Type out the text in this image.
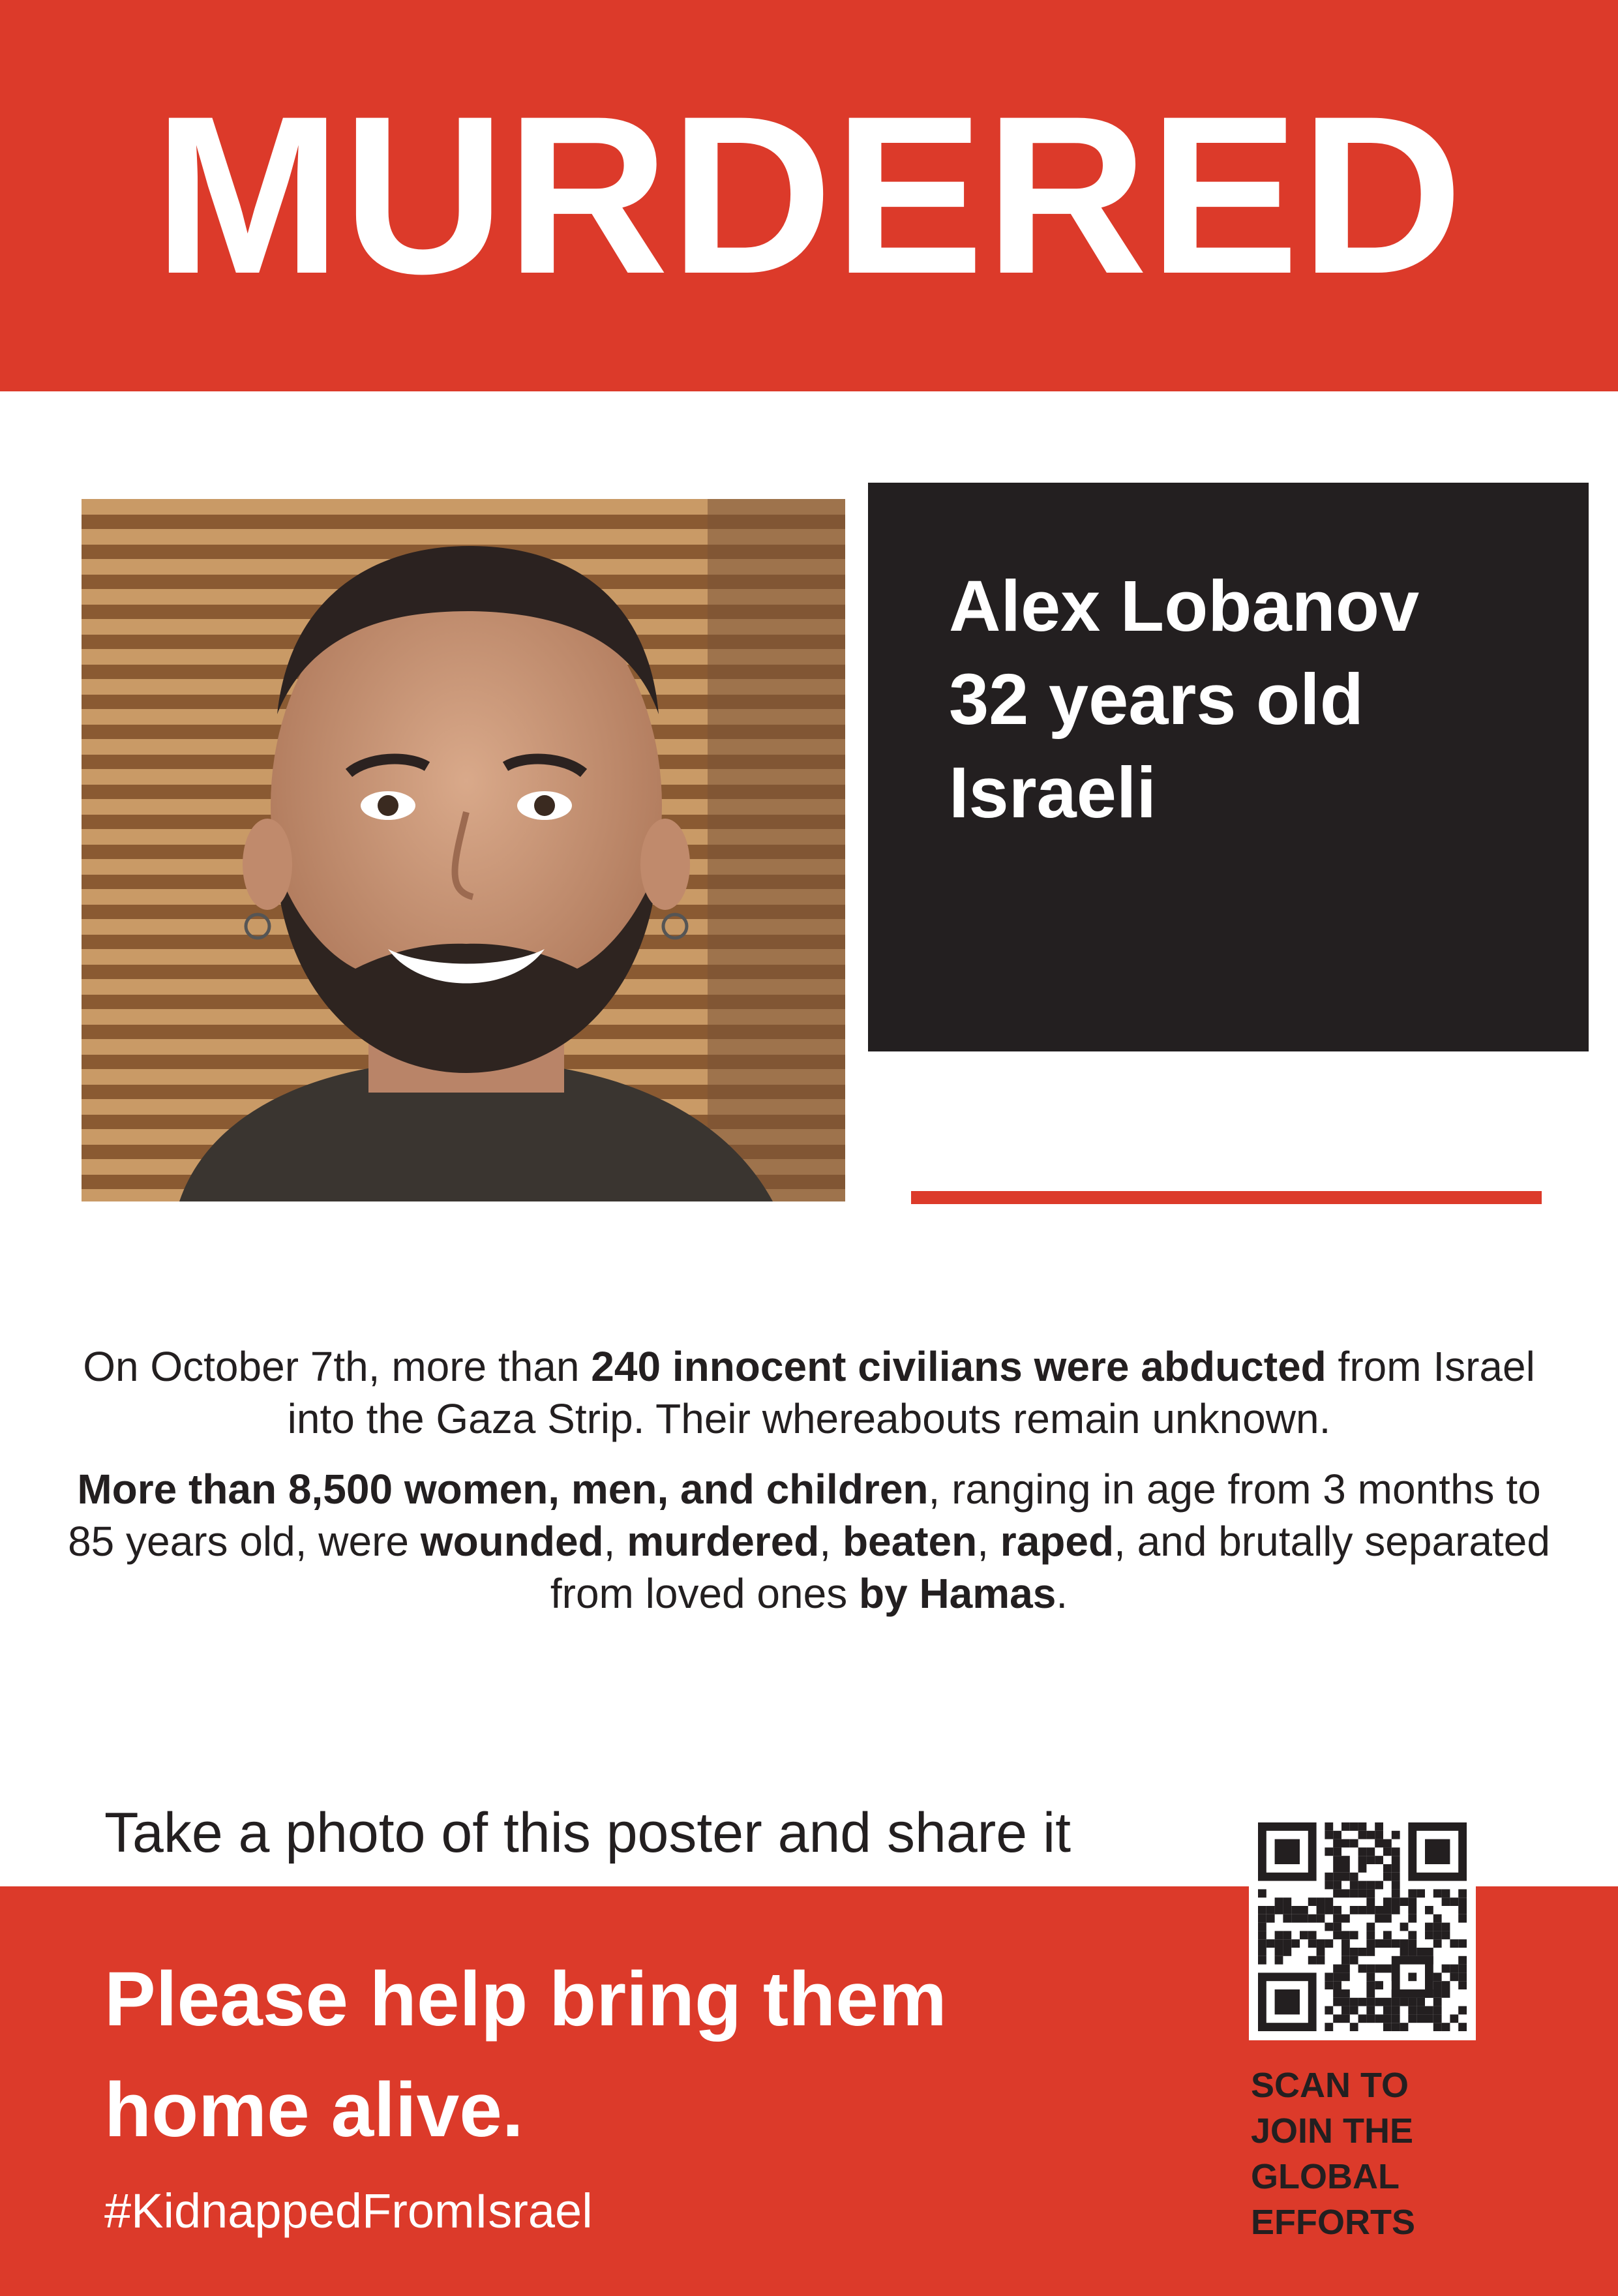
MURDERED
Alex Lobanov
32 years old
Israeli

On October 7th, more than 240 innocent civilians were abducted from Israel into the Gaza Strip. Their whereabouts remain unknown.

More than 8,500 women, men, and children, ranging in age from 3 months to 85 years old, were wounded, murdered, beaten, raped, and brutally separated from loved ones by Hamas.

Take a photo of this poster and share it
Please help bring them
home alive.
#KidnappedFromIsrael
SCAN TO
JOIN THE
GLOBAL
EFFORTS
